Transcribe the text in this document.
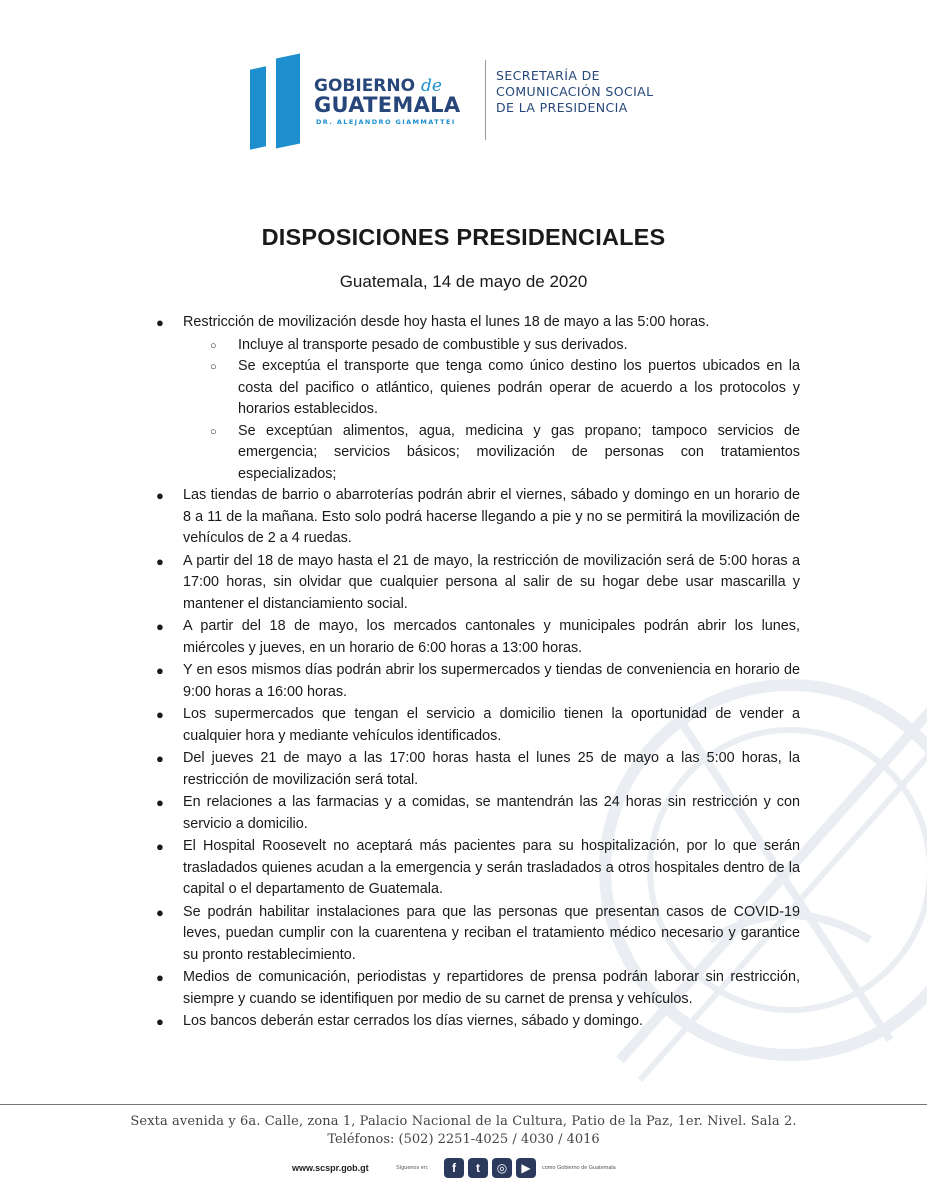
GOBIERNO de
GUATEMALA
DR. ALEJANDRO GIAMMATTEI
SECRETARÍA DE
COMUNICACIÓN SOCIAL
DE LA PRESIDENCIA
DISPOSICIONES PRESIDENCIALES
Guatemala, 14 de mayo de 2020
● Restricción de movilización desde hoy hasta el lunes 18 de mayo a las 5:00 horas.
○ Incluye al transporte pesado de combustible y sus derivados.
○ Se exceptúa el transporte que tenga como único destino los puertos ubicados en la costa del pacifico o atlántico, quienes podrán operar de acuerdo a los protocolos y horarios establecidos.
○ Se exceptúan alimentos, agua, medicina y gas propano; tampoco servicios de emergencia; servicios básicos; movilización de personas con tratamientos especializados;
● Las tiendas de barrio o abarroterías podrán abrir el viernes, sábado y domingo en un horario de 8 a 11 de la mañana. Esto solo podrá hacerse llegando a pie y no se permitirá la movilización de vehículos de 2 a 4 ruedas.
● A partir del 18 de mayo hasta el 21 de mayo, la restricción de movilización será de 5:00 horas a 17:00 horas, sin olvidar que cualquier persona al salir de su hogar debe usar mascarilla y mantener el distanciamiento social.
● A partir del 18 de mayo, los mercados cantonales y municipales podrán abrir los lunes, miércoles y jueves, en un horario de 6:00 horas a 13:00 horas.
● Y en esos mismos días podrán abrir los supermercados y tiendas de conveniencia en horario de 9:00 horas a 16:00 horas.
● Los supermercados que tengan el servicio a domicilio tienen la oportunidad de vender a cualquier hora y mediante vehículos identificados.
● Del jueves 21 de mayo a las 17:00 horas hasta el lunes 25 de mayo a las 5:00 horas, la restricción de movilización será total.
● En relaciones a las farmacias y a comidas, se mantendrán las 24 horas sin restricción y con servicio a domicilio.
● El Hospital Roosevelt no aceptará más pacientes para su hospitalización, por lo que serán trasladados quienes acudan a la emergencia y serán trasladados a otros hospitales dentro de la capital o el departamento de Guatemala.
● Se podrán habilitar instalaciones para que las personas que presentan casos de COVID-19 leves, puedan cumplir con la cuarentena y reciban el tratamiento médico necesario y garantice su pronto restablecimiento.
● Medios de comunicación, periodistas y repartidores de prensa podrán laborar sin restricción, siempre y cuando se identifiquen por medio de su carnet de prensa y vehículos.
● Los bancos deberán estar cerrados los días viernes, sábado y domingo.
Sexta avenida y 6a. Calle, zona 1, Palacio Nacional de la Cultura, Patio de la Paz, 1er. Nivel. Sala 2.
Teléfonos: (502) 2251-4025 / 4030 / 4016
www.scspr.gob.gt	Síguenos en:	f	t	◎	▶	como Gobierno de Guatemala
